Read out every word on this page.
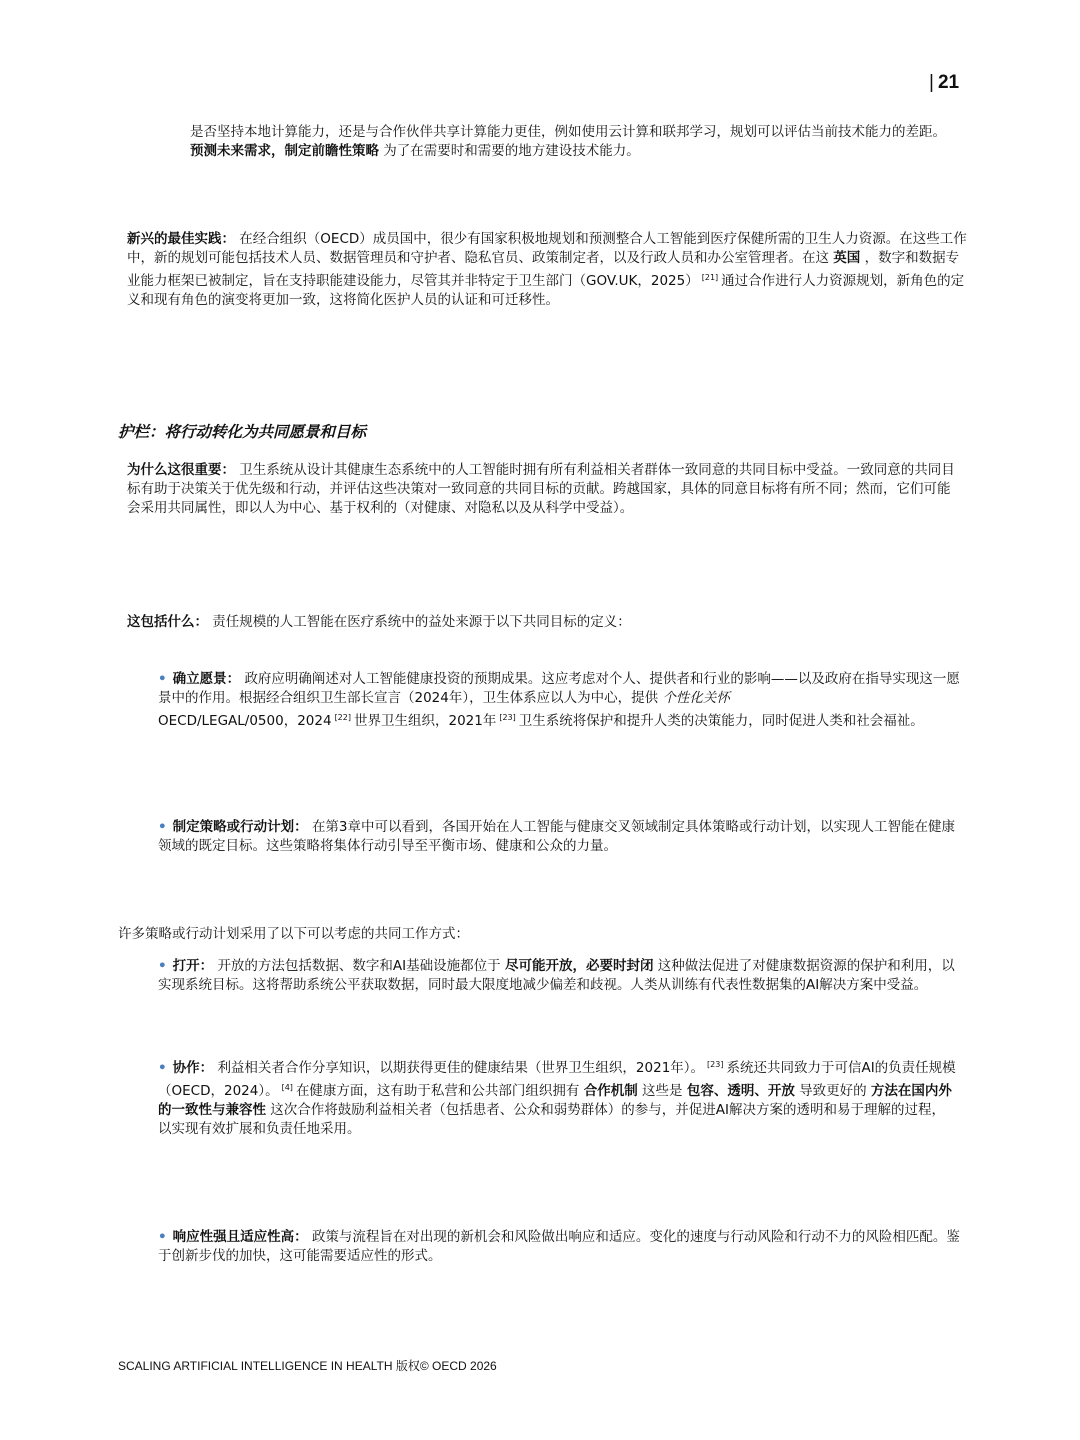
| 21

是否坚持本地计算能力，还是与合作伙伴共享计算能力更佳，例如使用云计算和联邦学习，规划可以评估当前技术能力的差距。 预测未来需求，制定前瞻性策略 为了在需要时和需要的地方建设技术能力。

新兴的最佳实践： 在经合组织（OECD）成员国中，很少有国家积极地规划和预测整合人工智能到医疗保健所需的卫生人力资源。在这些工作中，新的规划可能包括技术人员、数据管理员和守护者、隐私官员、政策制定者，以及行政人员和办公室管理者。在这 英国 ，数字和数据专业能力框架已被制定，旨在支持职能建设能力，尽管其并非特定于卫生部门（GOV.UK，2025） [21] 通过合作进行人力资源规划，新角色的定义和现有角色的演变将更加一致，这将简化医护人员的认证和可迁移性。

护栏：将行动转化为共同愿景和目标

为什么这很重要： 卫生系统从设计其健康生态系统中的人工智能时拥有所有利益相关者群体一致同意的共同目标中受益。一致同意的共同目标有助于决策关于优先级和行动，并评估这些决策对一致同意的共同目标的贡献。跨越国家，具体的同意目标将有所不同；然而，它们可能会采用共同属性，即以人为中心、基于权利的（对健康、对隐私以及从科学中受益）。

这包括什么： 责任规模的人工智能在医疗系统中的益处来源于以下共同目标的定义：

• 确立愿景： 政府应明确阐述对人工智能健康投资的预期成果。这应考虑对个人、提供者和行业的影响——以及政府在指导实现这一愿景中的作用。根据经合组织卫生部长宣言（2024年），卫生体系应以人为中心，提供 个性化关怀
OECD/LEGAL/0500，2024 [22] 世界卫生组织，2021年 [23] 卫生系统将保护和提升人类的决策能力，同时促进人类和社会福祉。

• 制定策略或行动计划： 在第3章中可以看到，各国开始在人工智能与健康交叉领域制定具体策略或行动计划，以实现人工智能在健康领域的既定目标。这些策略将集体行动引导至平衡市场、健康和公众的力量。

许多策略或行动计划采用了以下可以考虑的共同工作方式：

• 打开： 开放的方法包括数据、数字和AI基础设施都位于 尽可能开放，必要时封闭 这种做法促进了对健康数据资源的保护和利用，以实现系统目标。这将帮助系统公平获取数据，同时最大限度地减少偏差和歧视。人类从训练有代表性数据集的AI解决方案中受益。

• 协作： 利益相关者合作分享知识，以期获得更佳的健康结果（世界卫生组织，2021年）。 [23] 系统还共同致力于可信AI的负责任规模（OECD，2024）。 [4] 在健康方面，这有助于私营和公共部门组织拥有 合作机制 这些是 包容、透明、开放 导致更好的 方法在国内外的一致性与兼容性 这次合作将鼓励利益相关者（包括患者、公众和弱势群体）的参与，并促进AI解决方案的透明和易于理解的过程，以实现有效扩展和负责任地采用。

• 响应性强且适应性高： 政策与流程旨在对出现的新机会和风险做出响应和适应。变化的速度与行动风险和行动不力的风险相匹配。鉴于创新步伐的加快，这可能需要适应性的形式。

SCALING ARTIFICIAL INTELLIGENCE IN HEALTH 版权© OECD 2026
